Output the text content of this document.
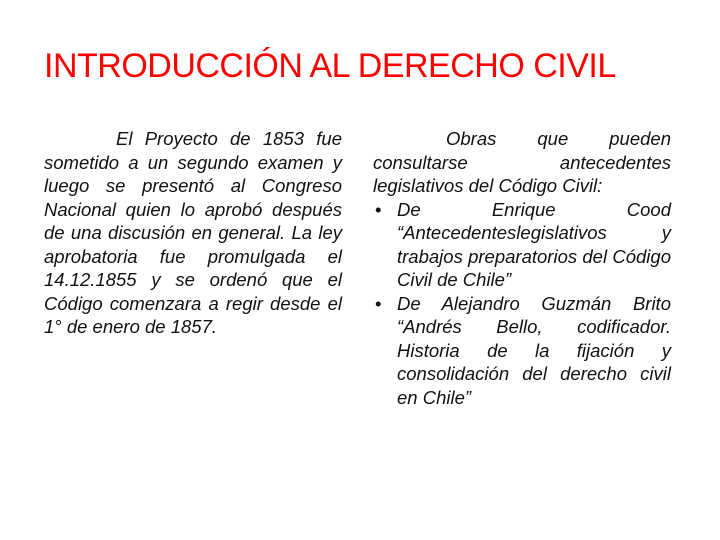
INTRODUCCIÓN AL DERECHO CIVIL

El Proyecto de 1853 fue sometido a un segundo examen y luego se presentó al Congreso Nacional quien lo aprobó después de una discusión en general. La ley aprobatoria fue promulgada el 14.12.1855 y se ordenó que el Código comenzara a regir desde el 1° de enero de 1857.

Obras que pueden consultarse antecedentes legislativos del Código Civil:

• De Enrique Cood “Antecedenteslegislativos y trabajos preparatorios del Código Civil de Chile”
• De Alejandro Guzmán Brito “Andrés Bello, codificador. Historia de la fijación y consolidación del derecho civil en Chile”
